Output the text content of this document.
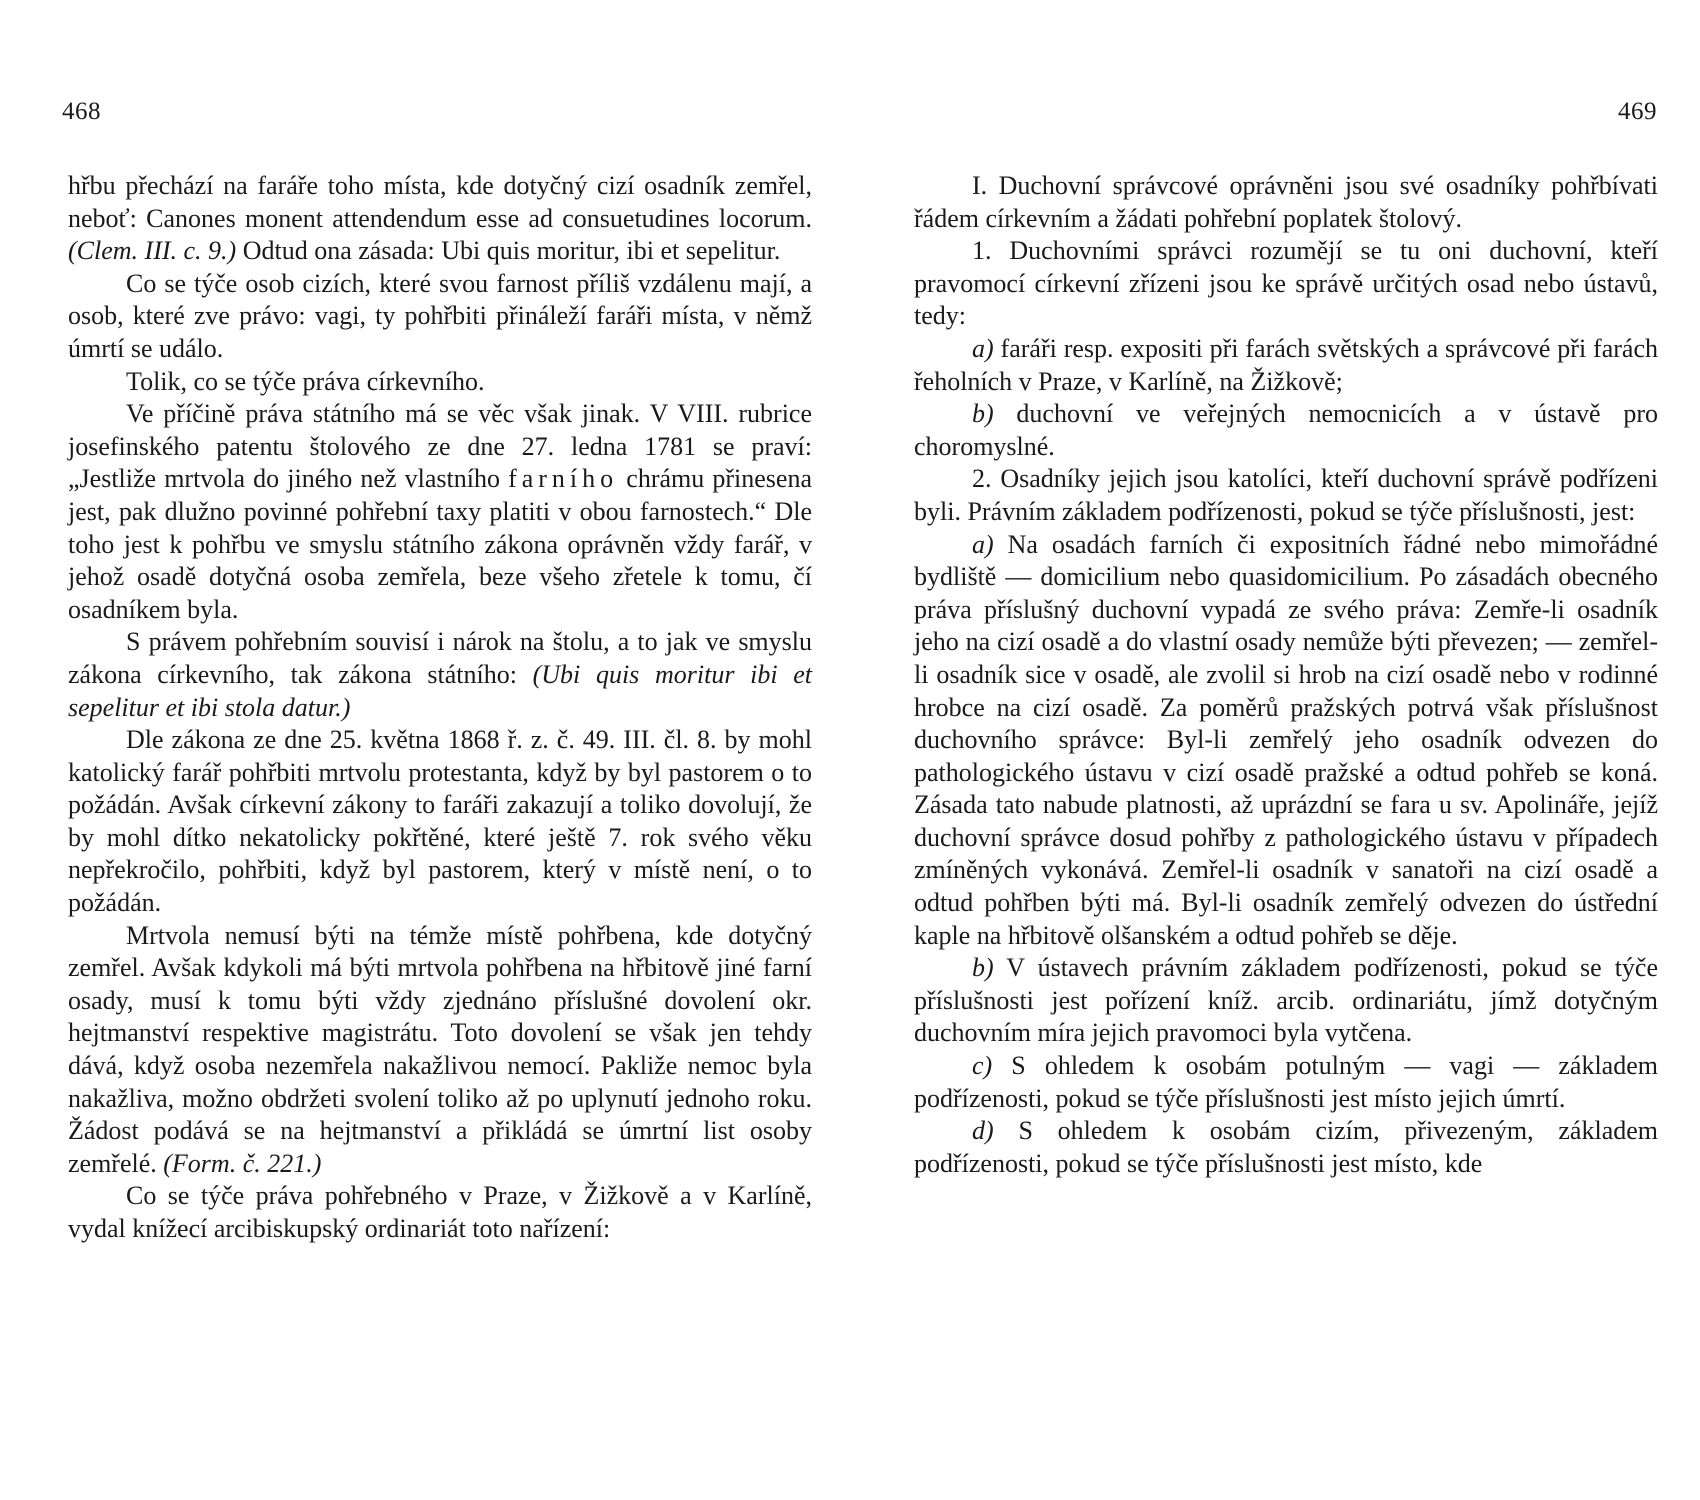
468	469

hřbu přechází na faráře toho místa, kde dotyčný cizí osadník zemřel, neboť: Canones monent attendendum esse ad consuetudines locorum. (Clem. III. c. 9.) Odtud ona zásada: Ubi quis moritur, ibi et sepelitur.

Co se týče osob cizích, které svou farnost příliš vzdálenu mají, a osob, které zve právo: vagi, ty pohřbiti přináleží faráři místa, v němž úmrtí se událo.

Tolik, co se týče práva církevního.

Ve příčině práva státního má se věc však jinak. V VIII. rubrice josefinského patentu štolového ze dne 27. ledna 1781 se praví: „Jestliže mrtvola do jiného než vlastního farního chrámu přinesena jest, pak dlužno povinné pohřební taxy platiti v obou farnostech.“ Dle toho jest k pohřbu ve smyslu státního zákona oprávněn vždy farář, v jehož osadě dotyčná osoba zemřela, beze všeho zřetele k tomu, čí osadníkem byla.

S právem pohřebním souvisí i nárok na štolu, a to jak ve smyslu zákona církevního, tak zákona státního: (Ubi quis moritur ibi et sepelitur et ibi stola datur.)

Dle zákona ze dne 25. května 1868 ř. z. č. 49. III. čl. 8. by mohl katolický farář pohřbiti mrtvolu protestanta, když by byl pastorem o to požádán. Avšak církevní zákony to faráři zakazují a toliko dovolují, že by mohl dítko nekatolicky pokřtěné, které ještě 7. rok svého věku nepřekročilo, pohřbiti, když byl pastorem, který v místě není, o to požádán.

Mrtvola nemusí býti na témže místě pohřbena, kde dotyčný zemřel. Avšak kdykoli má býti mrtvola pohřbena na hřbitově jiné farní osady, musí k tomu býti vždy zjednáno příslušné dovolení okr. hejtmanství respektive magistrátu. Toto dovolení se však jen tehdy dává, když osoba nezemřela nakažlivou nemocí. Pakliže nemoc byla nakažliva, možno obdržeti svolení toliko až po uplynutí jednoho roku. Žádost podává se na hejtmanství a přikládá se úmrtní list osoby zemřelé. (Form. č. 221.)

Co se týče práva pohřebného v Praze, v Žižkově a v Karlíně, vydal knížecí arcibiskupský ordinariát toto nařízení:

I. Duchovní správcové oprávněni jsou své osadníky pohřbívati řádem církevním a žádati pohřební poplatek štolový.

1. Duchovními správci rozumějí se tu oni duchovní, kteří pravomocí církevní zřízeni jsou ke správě určitých osad nebo ústavů, tedy:

a) faráři resp. expositi při farách světských a správcové při farách řeholních v Praze, v Karlíně, na Žižkově;

b) duchovní ve veřejných nemocnicích a v ústavě pro choromyslné.

2. Osadníky jejich jsou katolíci, kteří duchovní správě podřízeni byli. Právním základem podřízenosti, pokud se týče příslušnosti, jest:

a) Na osadách farních či expositních řádné nebo mimořádné bydliště — domicilium nebo quasidomicilium. Po zásadách obecného práva příslušný duchovní vypadá ze svého práva: Zemře-li osadník jeho na cizí osadě a do vlastní osady nemůže býti převezen; — zemřel-li osadník sice v osadě, ale zvolil si hrob na cizí osadě nebo v rodinné hrobce na cizí osadě. Za poměrů pražských potrvá však příslušnost duchovního správce: Byl-li zemřelý jeho osadník odvezen do pathologického ústavu v cizí osadě pražské a odtud pohřeb se koná. Zásada tato nabude platnosti, až uprázdní se fara u sv. Apolináře, jejíž duchovní správce dosud pohřby z pathologického ústavu v případech zmíněných vykonává. Zemřel-li osadník v sanatoři na cizí osadě a odtud pohřben býti má. Byl-li osadník zemřelý odvezen do ústřední kaple na hřbitově olšanském a odtud pohřeb se děje.

b) V ústavech právním základem podřízenosti, pokud se týče příslušnosti jest pořízení kníž. arcib. ordinariátu, jímž dotyčným duchovním míra jejich pravomoci byla vytčena.

c) S ohledem k osobám potulným — vagi — základem podřízenosti, pokud se týče příslušnosti jest místo jejich úmrtí.

d) S ohledem k osobám cizím, přivezeným, základem podřízenosti, pokud se týče příslušnosti jest místo, kde
